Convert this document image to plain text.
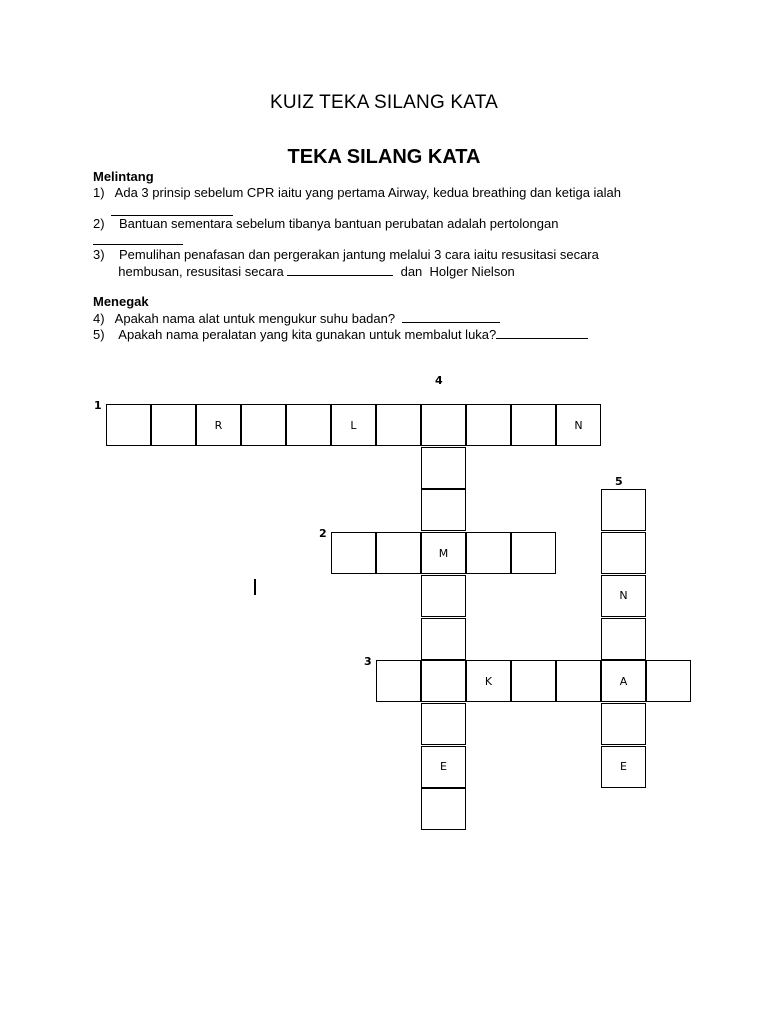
KUIZ TEKA SILANG KATA
TEKA SILANG KATA

Melintang

1)   Ada 3 prinsip sebelum CPR iaitu yang pertama Airway, kedua breathing dan ketiga ialah

2)    Bantuan sementara sebelum tibanya bantuan perubatan adalah pertolongan

3)    Pemulihan penafasan dan pergerakan jantung melalui 3 cara iaitu resusitasi secara

hembusan, resusitasi secara	dan  Holger Nielson

Menegak

4)   Apakah nama alat untuk mengukur suhu badan?

5)    Apakah nama peralatan yang kita gunakan untuk membalut luka?

R	L	N
M
N
K	A
E	E
1
4
5
2
3
